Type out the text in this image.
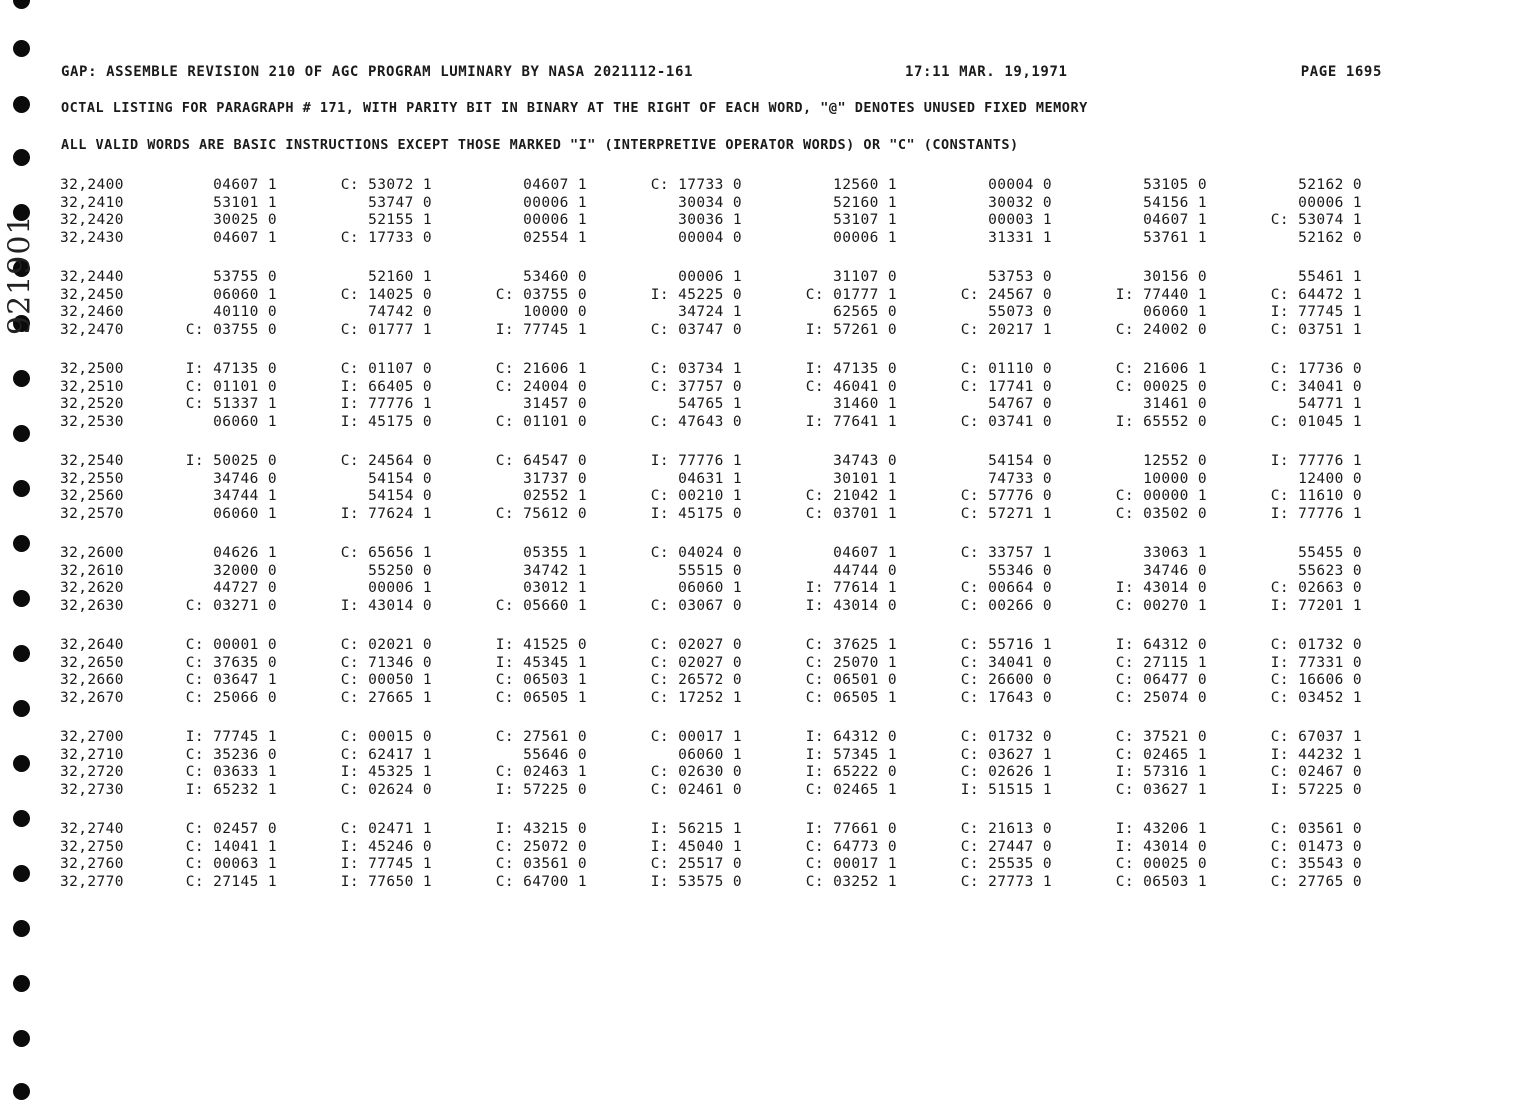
921901
GAP: ASSEMBLE REVISION 210 OF AGC PROGRAM LUMINARY BY NASA 2021112-161	17:11 MAR. 19,1971	PAGE 1695
OCTAL LISTING FOR PARAGRAPH # 171, WITH PARITY BIT IN BINARY AT THE RIGHT OF EACH WORD, "@" DENOTES UNUSED FIXED MEMORY
ALL VALID WORDS ARE BASIC INSTRUCTIONS EXCEPT THOSE MARKED "I" (INTERPRETIVE OPERATOR WORDS) OR "C" (CONSTANTS)
32,2400	04607 1	C: 53072 1	04607 1	C: 17733 0	12560 1	00004 0	53105 0	52162 0
32,2410	53101 1	53747 0	00006 1	30034 0	52160 1	30032 0	54156 1	00006 1
32,2420	30025 0	52155 1	00006 1	30036 1	53107 1	00003 1	04607 1	C: 53074 1
32,2430	04607 1	C: 17733 0	02554 1	00004 0	00006 1	31331 1	53761 1	52162 0
32,2440	53755 0	52160 1	53460 0	00006 1	31107 0	53753 0	30156 0	55461 1
32,2450	06060 1	C: 14025 0	C: 03755 0	I: 45225 0	C: 01777 1	C: 24567 0	I: 77440 1	C: 64472 1
32,2460	40110 0	74742 0	10000 0	34724 1	62565 0	55073 0	06060 1	I: 77745 1
32,2470	C: 03755 0	C: 01777 1	I: 77745 1	C: 03747 0	I: 57261 0	C: 20217 1	C: 24002 0	C: 03751 1
32,2500	I: 47135 0	C: 01107 0	C: 21606 1	C: 03734 1	I: 47135 0	C: 01110 0	C: 21606 1	C: 17736 0
32,2510	C: 01101 0	I: 66405 0	C: 24004 0	C: 37757 0	C: 46041 0	C: 17741 0	C: 00025 0	C: 34041 0
32,2520	C: 51337 1	I: 77776 1	31457 0	54765 1	31460 1	54767 0	31461 0	54771 1
32,2530	06060 1	I: 45175 0	C: 01101 0	C: 47643 0	I: 77641 1	C: 03741 0	I: 65552 0	C: 01045 1
32,2540	I: 50025 0	C: 24564 0	C: 64547 0	I: 77776 1	34743 0	54154 0	12552 0	I: 77776 1
32,2550	34746 0	54154 0	31737 0	04631 1	30101 1	74733 0	10000 0	12400 0
32,2560	34744 1	54154 0	02552 1	C: 00210 1	C: 21042 1	C: 57776 0	C: 00000 1	C: 11610 0
32,2570	06060 1	I: 77624 1	C: 75612 0	I: 45175 0	C: 03701 1	C: 57271 1	C: 03502 0	I: 77776 1
32,2600	04626 1	C: 65656 1	05355 1	C: 04024 0	04607 1	C: 33757 1	33063 1	55455 0
32,2610	32000 0	55250 0	34742 1	55515 0	44744 0	55346 0	34746 0	55623 0
32,2620	44727 0	00006 1	03012 1	06060 1	I: 77614 1	C: 00664 0	I: 43014 0	C: 02663 0
32,2630	C: 03271 0	I: 43014 0	C: 05660 1	C: 03067 0	I: 43014 0	C: 00266 0	C: 00270 1	I: 77201 1
32,2640	C: 00001 0	C: 02021 0	I: 41525 0	C: 02027 0	C: 37625 1	C: 55716 1	I: 64312 0	C: 01732 0
32,2650	C: 37635 0	C: 71346 0	I: 45345 1	C: 02027 0	C: 25070 1	C: 34041 0	C: 27115 1	I: 77331 0
32,2660	C: 03647 1	C: 00050 1	C: 06503 1	C: 26572 0	C: 06501 0	C: 26600 0	C: 06477 0	C: 16606 0
32,2670	C: 25066 0	C: 27665 1	C: 06505 1	C: 17252 1	C: 06505 1	C: 17643 0	C: 25074 0	C: 03452 1
32,2700	I: 77745 1	C: 00015 0	C: 27561 0	C: 00017 1	I: 64312 0	C: 01732 0	C: 37521 0	C: 67037 1
32,2710	C: 35236 0	C: 62417 1	55646 0	06060 1	I: 57345 1	C: 03627 1	C: 02465 1	I: 44232 1
32,2720	C: 03633 1	I: 45325 1	C: 02463 1	C: 02630 0	I: 65222 0	C: 02626 1	I: 57316 1	C: 02467 0
32,2730	I: 65232 1	C: 02624 0	I: 57225 0	C: 02461 0	C: 02465 1	I: 51515 1	C: 03627 1	I: 57225 0
32,2740	C: 02457 0	C: 02471 1	I: 43215 0	I: 56215 1	I: 77661 0	C: 21613 0	I: 43206 1	C: 03561 0
32,2750	C: 14041 1	I: 45246 0	C: 25072 0	I: 45040 1	C: 64773 0	C: 27447 0	I: 43014 0	C: 01473 0
32,2760	C: 00063 1	I: 77745 1	C: 03561 0	C: 25517 0	C: 00017 1	C: 25535 0	C: 00025 0	C: 35543 0
32,2770	C: 27145 1	I: 77650 1	C: 64700 1	I: 53575 0	C: 03252 1	C: 27773 1	C: 06503 1	C: 27765 0
